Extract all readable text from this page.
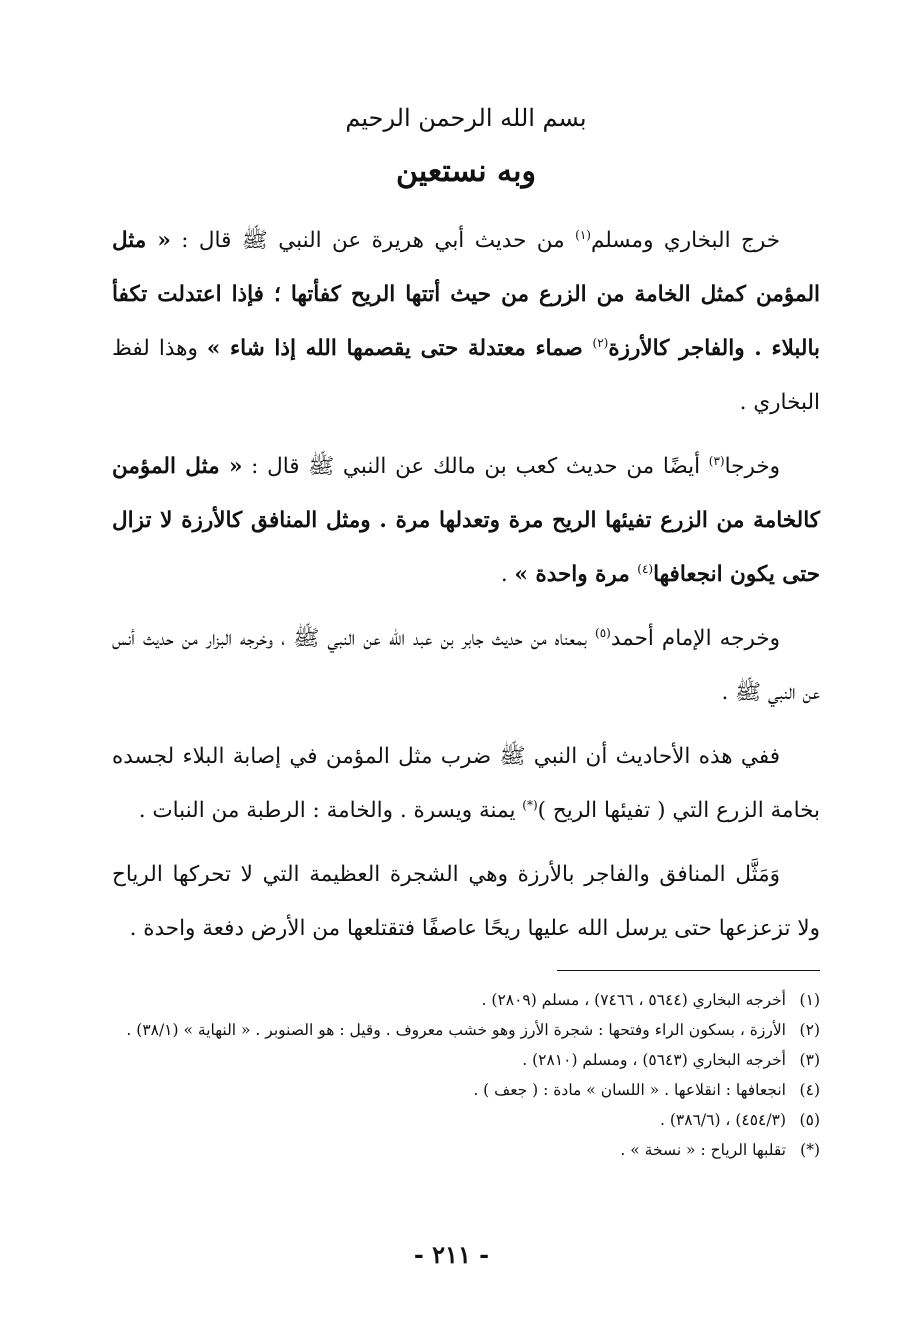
بسم الله الرحمن الرحيم
وبه نستعين

خرج البخاري ومسلم$^{(١)}$ من حديث أبي هريرة عن النبي ﷺ قال : « مثل المؤمن كمثل الخامة من الزرع من حيث أتتها الريح كفأتها ؛ فإذا اعتدلت تكفأ بالبلاء . والفاجر كالأرزة$^{(٢)}$ صماء معتدلة حتى يقصمها الله إذا شاء » وهذا لفظ البخاري .

وخرجا$^{(٣)}$ أيضًا من حديث كعب بن مالك عن النبي ﷺ قال : « مثل المؤمن كالخامة من الزرع تفيئها الريح مرة وتعدلها مرة . ومثل المنافق كالأرزة لا تزال حتى يكون انجعافها$^{(٤)}$ مرة واحدة » .

وخرجه الإمام أحمد$^{(٥)}$ بمعناه من حديث جابر بن عبد الله عن النبي ﷺ ، وخرجه البزار من حديث أنس عن النبي ﷺ .

ففي هذه الأحاديث أن النبي ﷺ ضرب مثل المؤمن في إصابة البلاء لجسده بخامة الزرع التي ( تفيئها الريح )(*) يمنة ويسرة . والخامة : الرطبة من النبات .

وَمَثَّل المنافق والفاجر بالأرزة وهي الشجرة العظيمة التي لا تحركها الرياح ولا تزعزعها حتى يرسل الله عليها ريحًا عاصفًا فتقتلعها من الأرض دفعة واحدة .

(١)أخرجه البخاري (٥٦٤٤ ، ٧٤٦٦) ، مسلم (٢٨٠٩) .

(٢)الأرزة ، بسكون الراء وفتحها : شجرة الأرز وهو خشب معروف . وقيل : هو الصنوبر . « النهاية » (٣٨/١) .

(٣)أخرجه البخاري (٥٦٤٣) ، ومسلم (٢٨١٠) .

(٤)انجعافها : انقلاعها . « اللسان » مادة : ( جعف ) .

(٥)(٤٥٤/٣) ، (٣٨٦/٦) .

(*)تقلبها الرياح : « نسخة » .

- ٢١١ -
